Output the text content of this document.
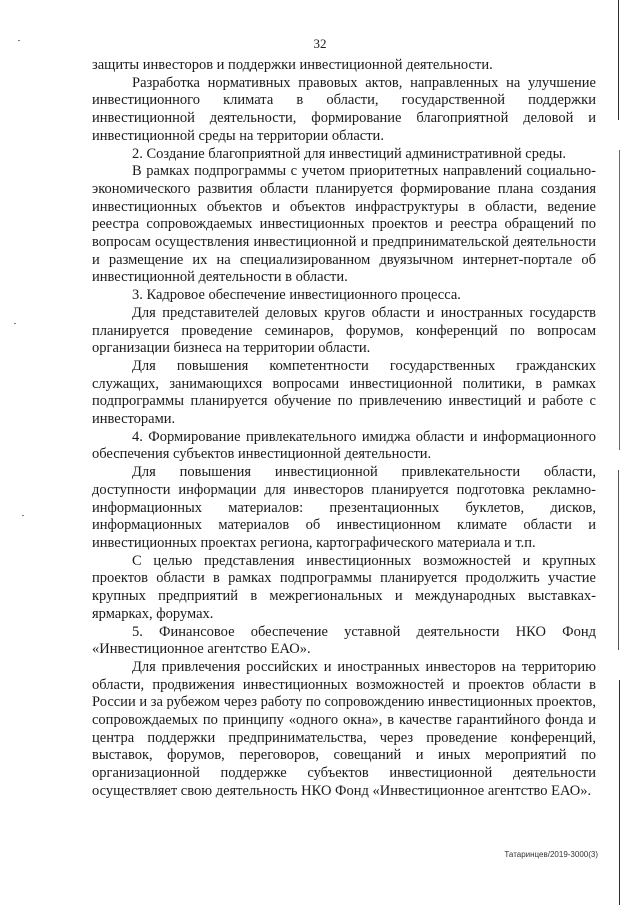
32

защиты инвесторов и поддержки инвестиционной деятельности.

Разработка нормативных правовых актов, направленных на улучшение инвестиционного климата в области, государственной поддержки инвестиционной деятельности, формирование благоприятной деловой и инвестиционной среды на территории области.

2. Создание благоприятной для инвестиций административной среды.

В рамках подпрограммы с учетом приоритетных направлений социально-экономического развития области планируется формирование плана создания инвестиционных объектов и объектов инфраструктуры в области, ведение реестра сопровождаемых инвестиционных проектов и реестра обращений по вопросам осуществления инвестиционной и предпринимательской деятельности и размещение их на специализированном двуязычном интернет-портале об инвестиционной деятельности в области.

3. Кадровое обеспечение инвестиционного процесса.

Для представителей деловых кругов области и иностранных государств планируется проведение семинаров, форумов, конференций по вопросам организации бизнеса на территории области.

Для повышения компетентности государственных гражданских служащих, занимающихся вопросами инвестиционной политики, в рамках подпрограммы планируется обучение по привлечению инвестиций и работе с инвесторами.

4. Формирование привлекательного имиджа области и информационного обеспечения субъектов инвестиционной деятельности.

Для повышения инвестиционной привлекательности области, доступности информации для инвесторов планируется подготовка рекламно-информационных материалов: презентационных буклетов, дисков, информационных материалов об инвестиционном климате области и инвестиционных проектах региона, картографического материала и т.п.

С целью представления инвестиционных возможностей и крупных проектов области в рамках подпрограммы планируется продолжить участие крупных предприятий в межрегиональных и международных выставках-ярмарках, форумах.

5. Финансовое обеспечение уставной деятельности НКО Фонд «Инвестиционное агентство ЕАО».

Для привлечения российских и иностранных инвесторов на территорию области, продвижения инвестиционных возможностей и проектов области в России и за рубежом через работу по сопровождению инвестиционных проектов, сопровождаемых по принципу «одного окна», в качестве гарантийного фонда и центра поддержки предпринимательства, через проведение конференций, выставок, форумов, переговоров, совещаний и иных мероприятий по организационной поддержке субъектов инвестиционной деятельности осуществляет свою деятельность НКО Фонд «Инвестиционное агентство ЕАО».

Татаринцев/2019-3000(3)
